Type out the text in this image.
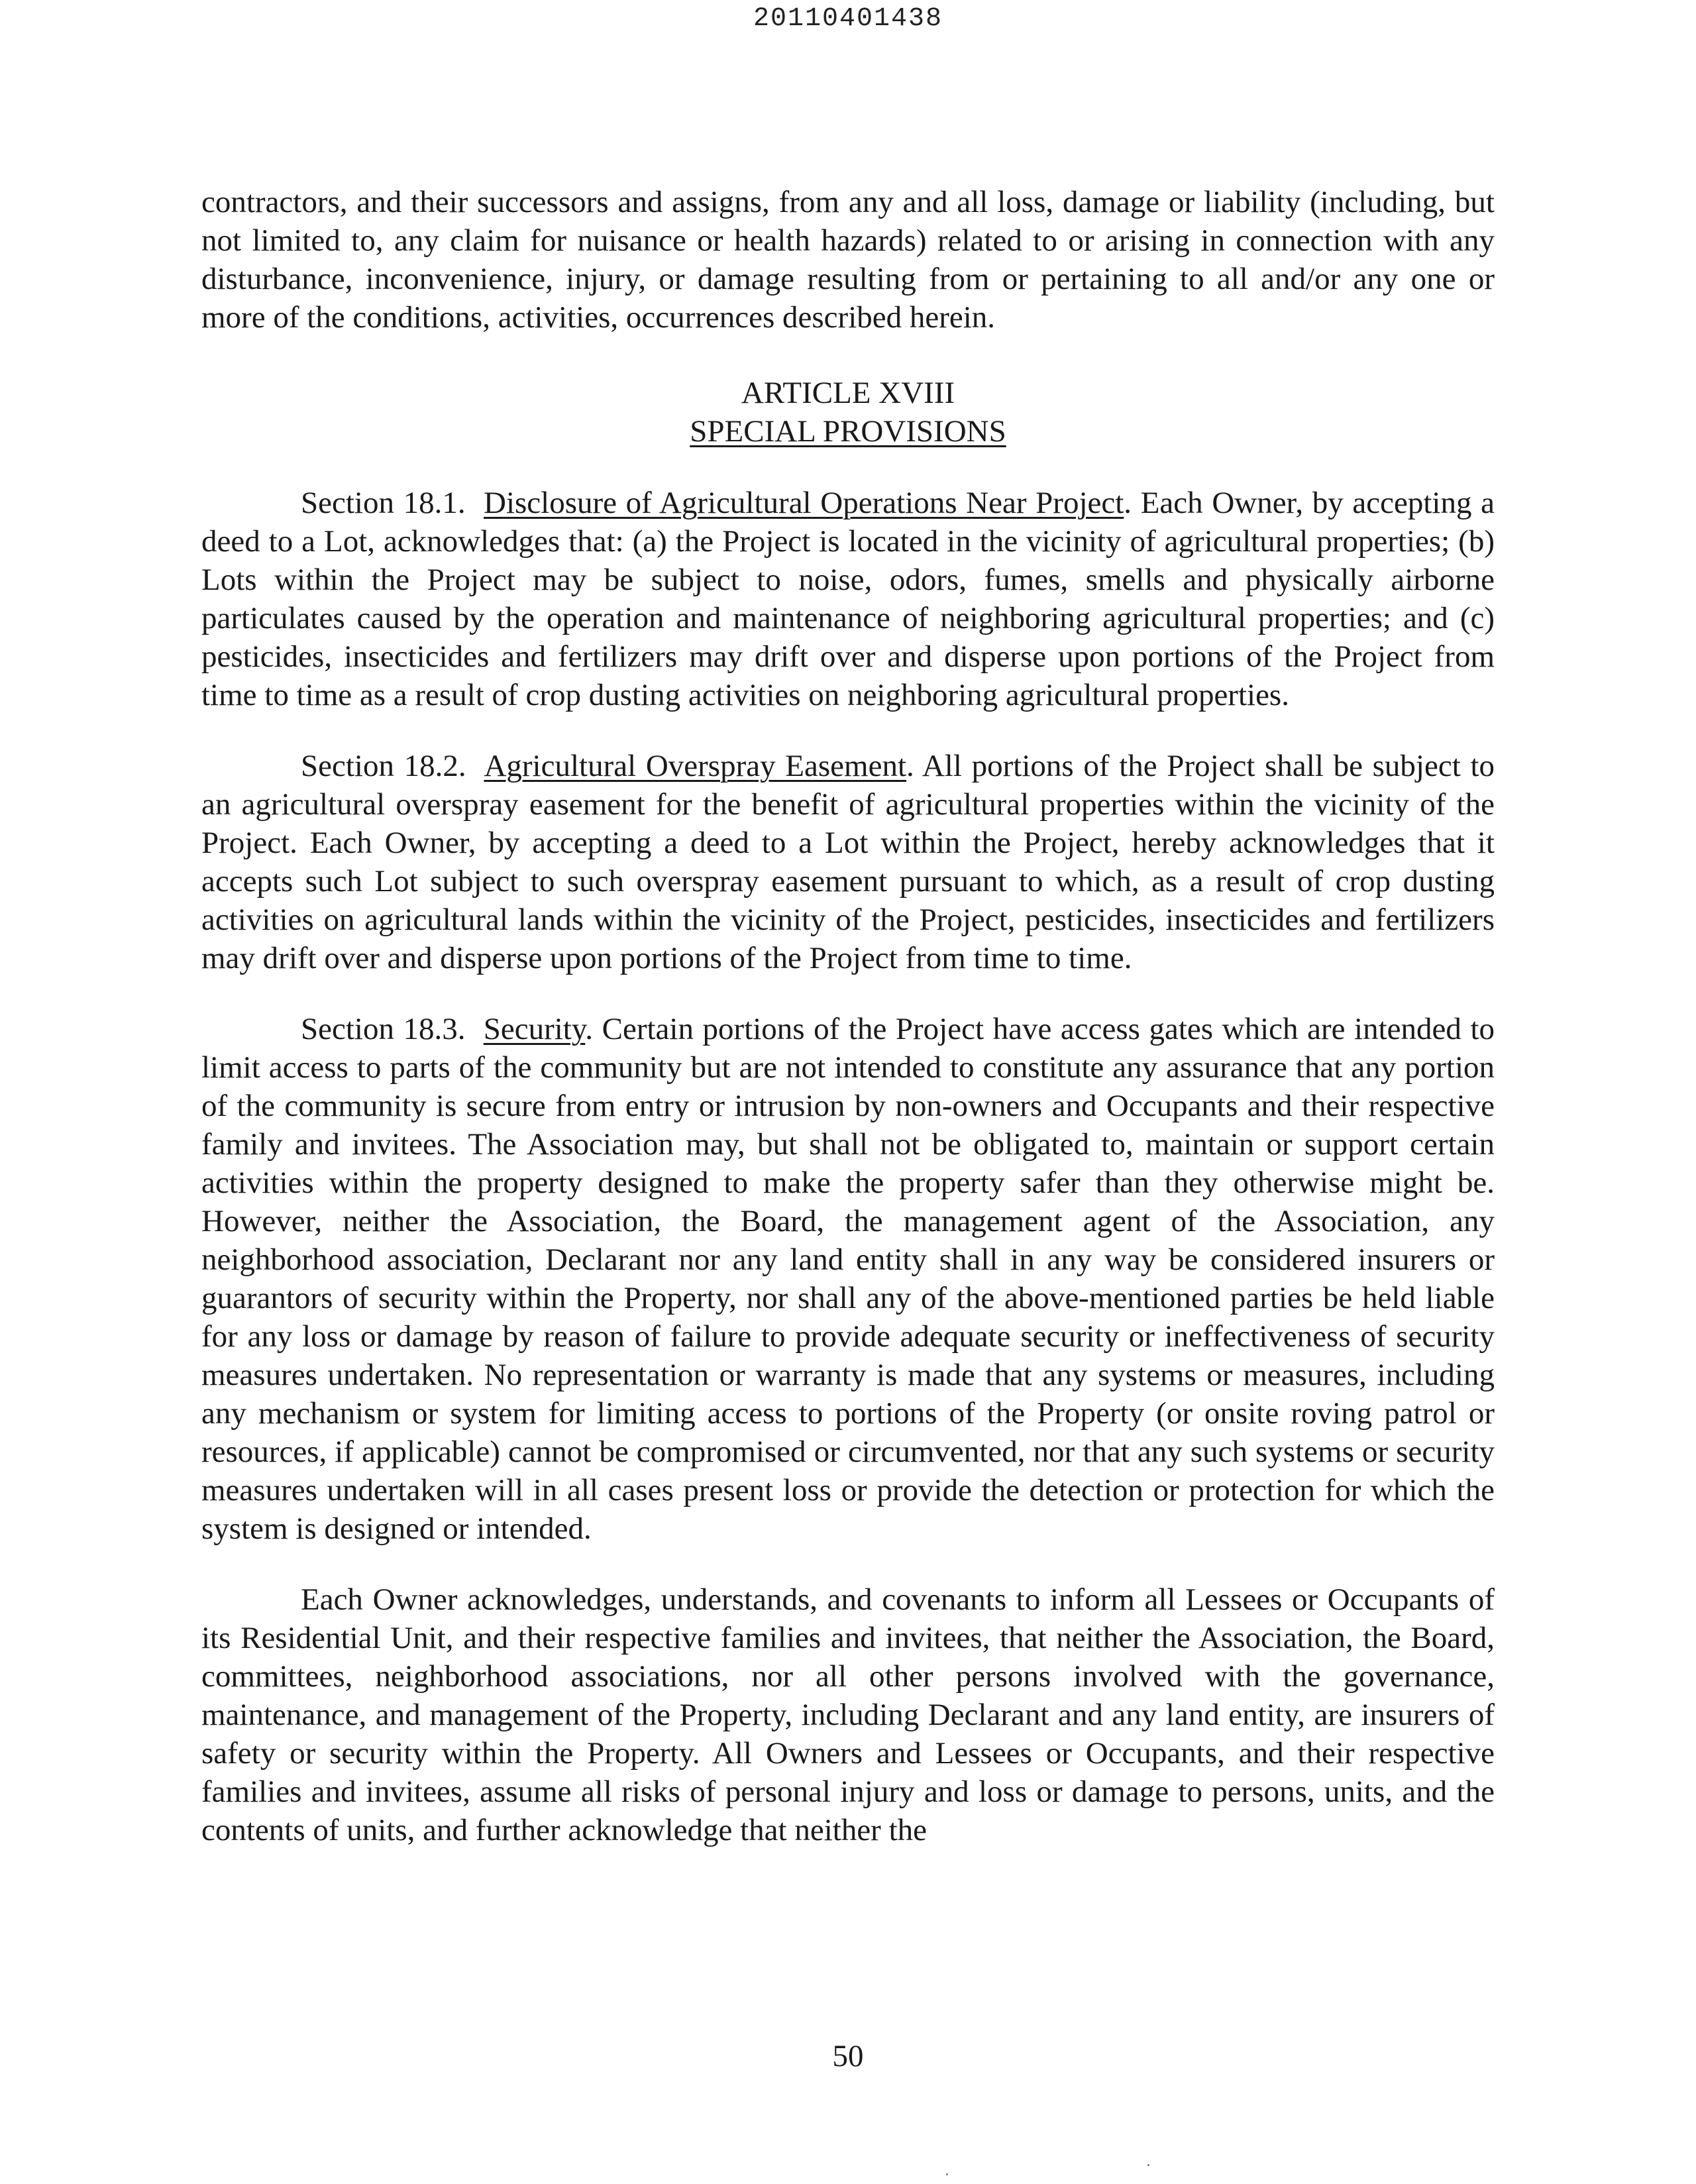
20110401438

contractors, and their successors and assigns, from any and all loss, damage or liability (including, but not limited to, any claim for nuisance or health hazards) related to or arising in connection with any disturbance, inconvenience, injury, or damage resulting from or pertaining to all and/or any one or more of the conditions, activities, occurrences described herein.

ARTICLE XVIII
SPECIAL PROVISIONS

Section 18.1. Disclosure of Agricultural Operations Near Project. Each Owner, by accepting a deed to a Lot, acknowledges that: (a) the Project is located in the vicinity of agricultural properties; (b) Lots within the Project may be subject to noise, odors, fumes, smells and physically airborne particulates caused by the operation and maintenance of neighboring agricultural properties; and (c) pesticides, insecticides and fertilizers may drift over and disperse upon portions of the Project from time to time as a result of crop dusting activities on neighboring agricultural properties.

Section 18.2. Agricultural Overspray Easement. All portions of the Project shall be subject to an agricultural overspray easement for the benefit of agricultural properties within the vicinity of the Project. Each Owner, by accepting a deed to a Lot within the Project, hereby acknowledges that it accepts such Lot subject to such overspray easement pursuant to which, as a result of crop dusting activities on agricultural lands within the vicinity of the Project, pesticides, insecticides and fertilizers may drift over and disperse upon portions of the Project from time to time.

Section 18.3. Security. Certain portions of the Project have access gates which are intended to limit access to parts of the community but are not intended to constitute any assurance that any portion of the community is secure from entry or intrusion by non-owners and Occupants and their respective family and invitees. The Association may, but shall not be obligated to, maintain or support certain activities within the property designed to make the property safer than they otherwise might be. However, neither the Association, the Board, the management agent of the Association, any neighborhood association, Declarant nor any land entity shall in any way be considered insurers or guarantors of security within the Property, nor shall any of the above-mentioned parties be held liable for any loss or damage by reason of failure to provide adequate security or ineffectiveness of security measures undertaken. No representation or warranty is made that any systems or measures, including any mechanism or system for limiting access to portions of the Property (or onsite roving patrol or resources, if applicable) cannot be compromised or circumvented, nor that any such systems or security measures undertaken will in all cases present loss or provide the detection or protection for which the system is designed or intended.

Each Owner acknowledges, understands, and covenants to inform all Lessees or Occupants of its Residential Unit, and their respective families and invitees, that neither the Association, the Board, committees, neighborhood associations, nor all other persons involved with the governance, maintenance, and management of the Property, including Declarant and any land entity, are insurers of safety or security within the Property. All Owners and Lessees or Occupants, and their respective families and invitees, assume all risks of personal injury and loss or damage to persons, units, and the contents of units, and further acknowledge that neither the

50
